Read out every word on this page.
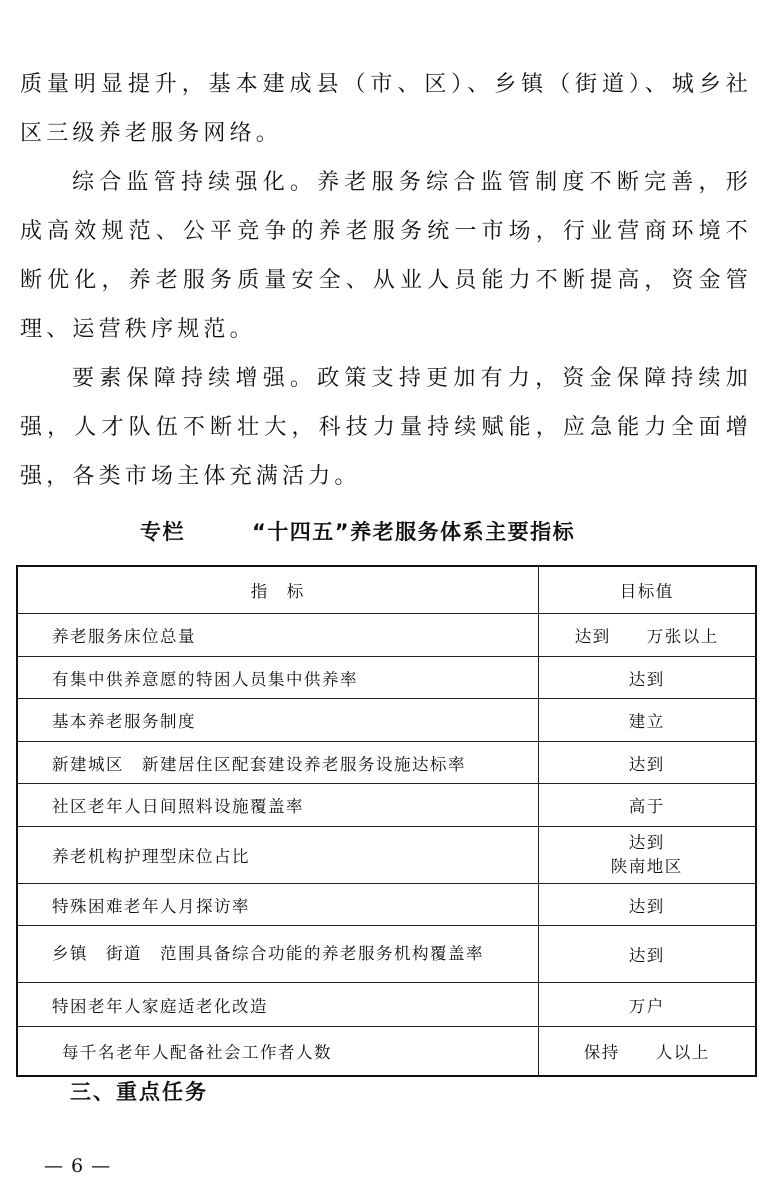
质量明显提升，基本建成县（市、区）、乡镇（街道）、城乡社区三级养老服务网络。

综合监管持续强化。养老服务综合监管制度不断完善，形成高效规范、公平竞争的养老服务统一市场，行业营商环境不断优化，养老服务质量安全、从业人员能力不断提高，资金管理、运营秩序规范。

要素保障持续增强。政策支持更加有力，资金保障持续加强，人才队伍不断壮大，科技力量持续赋能，应急能力全面增强，各类市场主体充满活力。

专栏	“十四五”养老服务体系主要指标
指　标	目标值
养老服务床位总量	达到　　万张以上
有集中供养意愿的特困人员集中供养率	达到
基本养老服务制度	建立
新建城区　新建居住区配套建设养老服务设施达标率	达到
社区老年人日间照料设施覆盖率	高于
养老机构护理型床位占比	达到
陕南地区
特殊困难老年人月探访率	达到
乡镇　街道　范围具备综合功能的养老服务机构覆盖率	达到
特困老年人家庭适老化改造	万户
每千名老年人配备社会工作者人数	保持　　人以上
三、重点任务
— 6 —
